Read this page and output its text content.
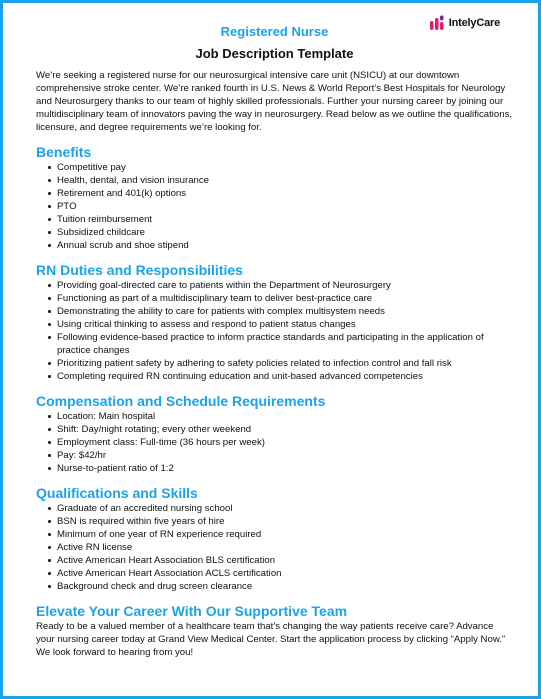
IntelyCare
Registered Nurse
Job Description Template

We’re seeking a registered nurse for our neurosurgical intensive care unit (NSICU) at our downtown comprehensive stroke center. We’re ranked fourth in U.S. News & World Report’s Best Hospitals for Neurology and Neurosurgery thanks to our team of highly skilled professionals. Further your nursing career by joining our multidisciplinary team of innovators paving the way in neurosurgery. Read below as we outline the qualifications, licensure, and degree requirements we’re looking for.

Benefits
Competitive pay
Health, dental, and vision insurance
Retirement and 401(k) options
PTO
Tuition reimbursement
Subsidized childcare
Annual scrub and shoe stipend
RN Duties and Responsibilities
Providing goal-directed care to patients within the Department of Neurosurgery
Functioning as part of a multidisciplinary team to deliver best-practice care
Demonstrating the ability to care for patients with complex multisystem needs
Using critical thinking to assess and respond to patient status changes
Following evidence-based practice to inform practice standards and participating in the application of practice changes
Prioritizing patient safety by adhering to safety policies related to infection control and fall risk
Completing required RN continuing education and unit-based advanced competencies
Compensation and Schedule Requirements
Location: Main hospital
Shift: Day/night rotating; every other weekend
Employment class: Full-time (36 hours per week)
Pay: $42/hr
Nurse-to-patient ratio of 1:2
Qualifications and Skills
Graduate of an accredited nursing school
BSN is required within five years of hire
Minimum of one year of RN experience required
Active RN license
Active American Heart Association BLS certification
Active American Heart Association ACLS certification
Background check and drug screen clearance
Elevate Your Career With Our Supportive Team

Ready to be a valued member of a healthcare team that’s changing the way patients receive care? Advance your nursing career today at Grand View Medical Center. Start the application process by clicking “Apply Now.” We look forward to hearing from you!
